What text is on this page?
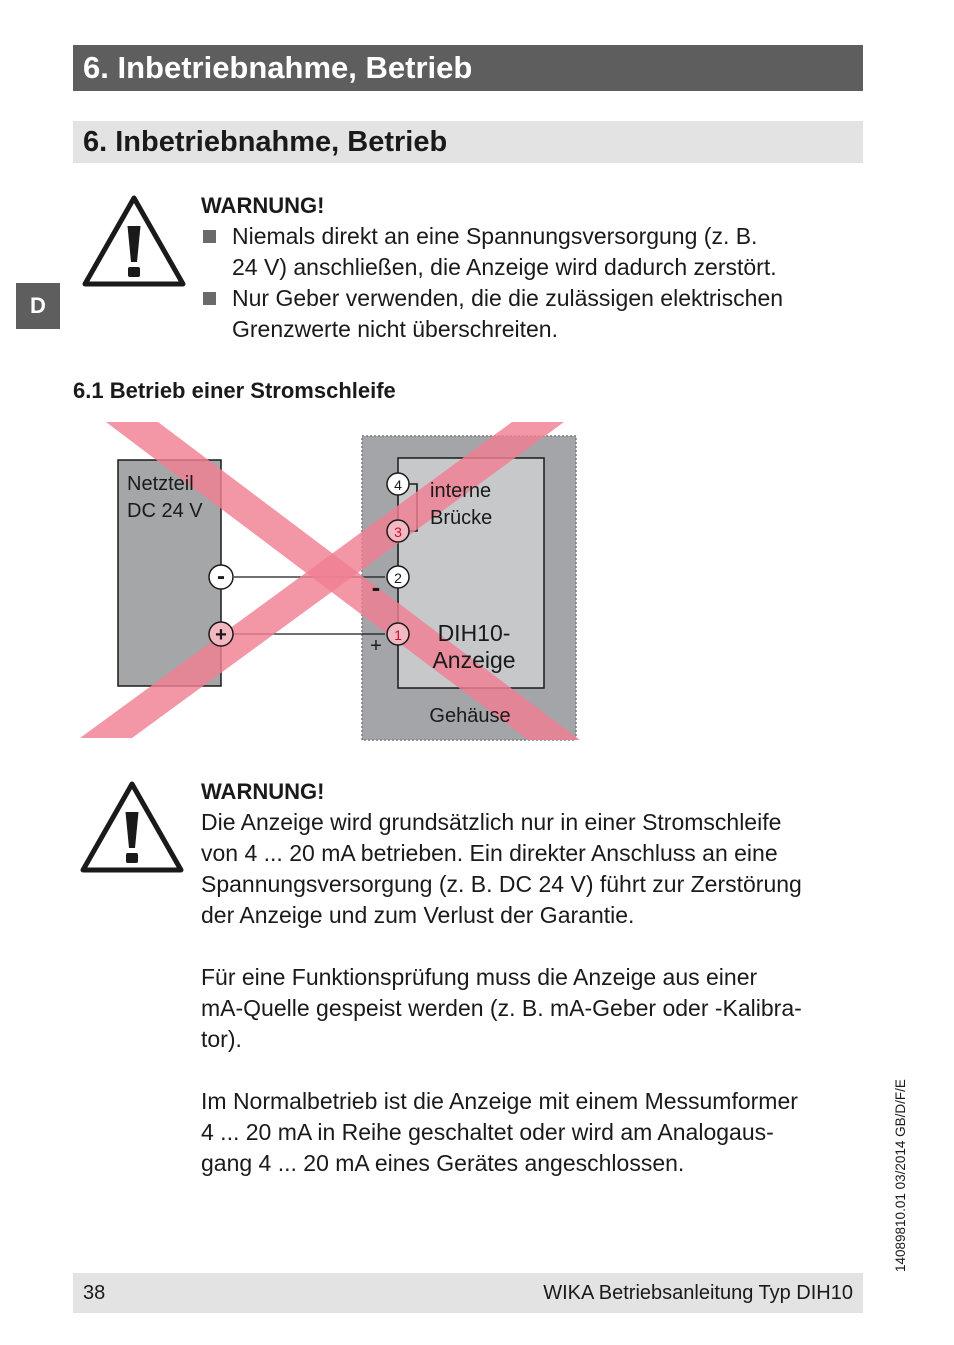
6. Inbetriebnahme, Betrieb
6. Inbetriebnahme, Betrieb
D
WARNUNG!
Niemals direkt an eine Spannungsversorgung (z. B.
24 V) anschließen, die Anzeige wird dadurch zerstört.
Nur Geber verwenden, die die zulässigen elektrischen
Grenzwerte nicht überschreiten.
6.1 Betrieb einer Stromschleife
-
+
4
3
2
1
-
+
Netzteil
DC 24 V
interne
Brücke
DIH10-
Anzeige
Gehäuse
WARNUNG!

Die Anzeige wird grundsätzlich nur in einer Stromschleife
von 4 ... 20 mA betrieben. Ein direkter Anschluss an eine
Spannungsversorgung (z. B. DC 24 V) führt zur Zerstörung
der Anzeige und zum Verlust der Garantie.

Für eine Funktionsprüfung muss die Anzeige aus einer
mA-Quelle gespeist werden (z. B. mA-Geber oder -Kalibra-
tor).

Im Normalbetrieb ist die Anzeige mit einem Messumformer
4 ... 20 mA in Reihe geschaltet oder wird am Analogaus-
gang 4 ... 20 mA eines Gerätes angeschlossen.	14089810.01 03/2014 GB/D/F/E
38	WIKA Betriebsanleitung Typ DIH10
